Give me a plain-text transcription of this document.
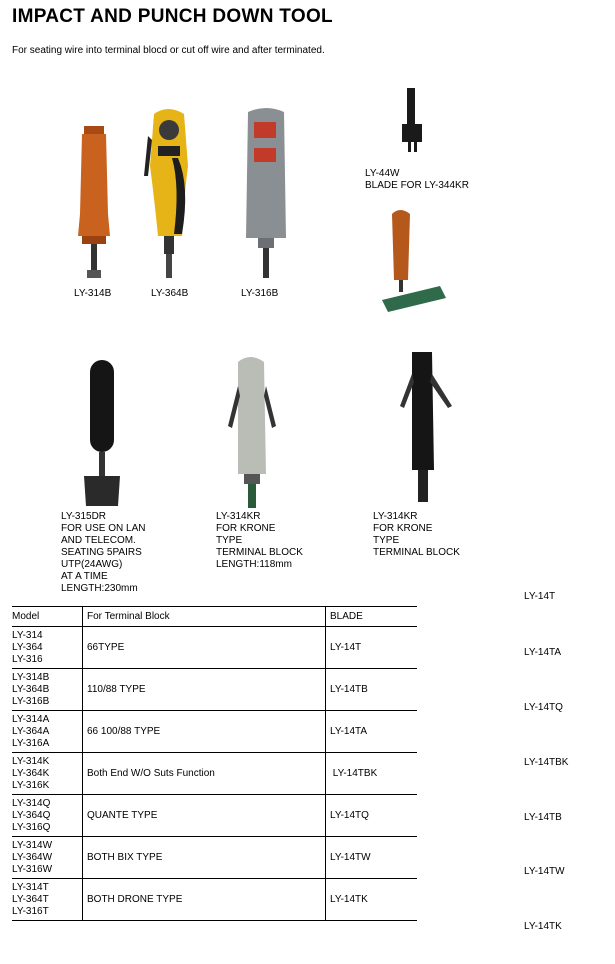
IMPACT AND PUNCH DOWN TOOL
For seating wire into terminal blocd or cut off wire and after terminated.
LY-314B	LY-364B	LY-316B
LY-44W
BLADE FOR LY-344KR
LY-315DR
FOR USE ON LAN
AND TELECOM.
SEATING 5PAIRS
UTP(24AWG)
AT A TIME
LENGTH:230mm
LY-314KR
FOR KRONE
TYPE
TERMINAL BLOCK
LENGTH:118mm
LY-314KR
FOR KRONE
TYPE
TERMINAL BLOCK
Model	For Terminal Block	BLADE
LY-314
LY-364
LY-316	66TYPE	LY-14T
LY-314B
LY-364B
LY-316B	110/88 TYPE	LY-14TB
LY-314A
LY-364A
LY-316A	66 100/88 TYPE	LY-14TA
LY-314K
LY-364K
LY-316K	Both End W/O Suts Function	LY-14TBK
LY-314Q
LY-364Q
LY-316Q	QUANTE TYPE	LY-14TQ
LY-314W
LY-364W
LY-316W	BOTH BIX TYPE	LY-14TW
LY-314T
LY-364T
LY-316T	BOTH DRONE TYPE	LY-14TK
LY-14T
LY-14TA
LY-14TQ
LY-14TBK
LY-14TB
LY-14TW
LY-14TK
